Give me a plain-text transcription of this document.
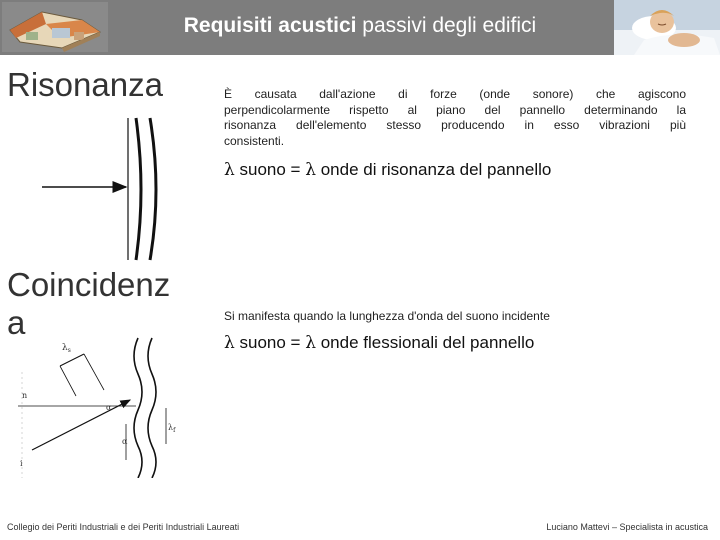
Requisiti acustici passivi degli edifici
Risonanza	È causata dall'azione di forze (onde sonore) che agiscono
perpendicolarmente rispetto al piano del pannello determinando la
risonanza dell'elemento stesso producendo in esso vibrazioni più
consistenti.
λ suono = λ onde di risonanza del pannello
Coincidenz
a	Si manifesta quando la lunghezza d'onda del suono incidente
λ suono = λ onde flessionali del pannello
$\lambda_s$
n
α
α
i
$\lambda_f$
Collegio dei Periti Industriali e dei Periti Industriali Laureati	Luciano Mattevi – Specialista in acustica
